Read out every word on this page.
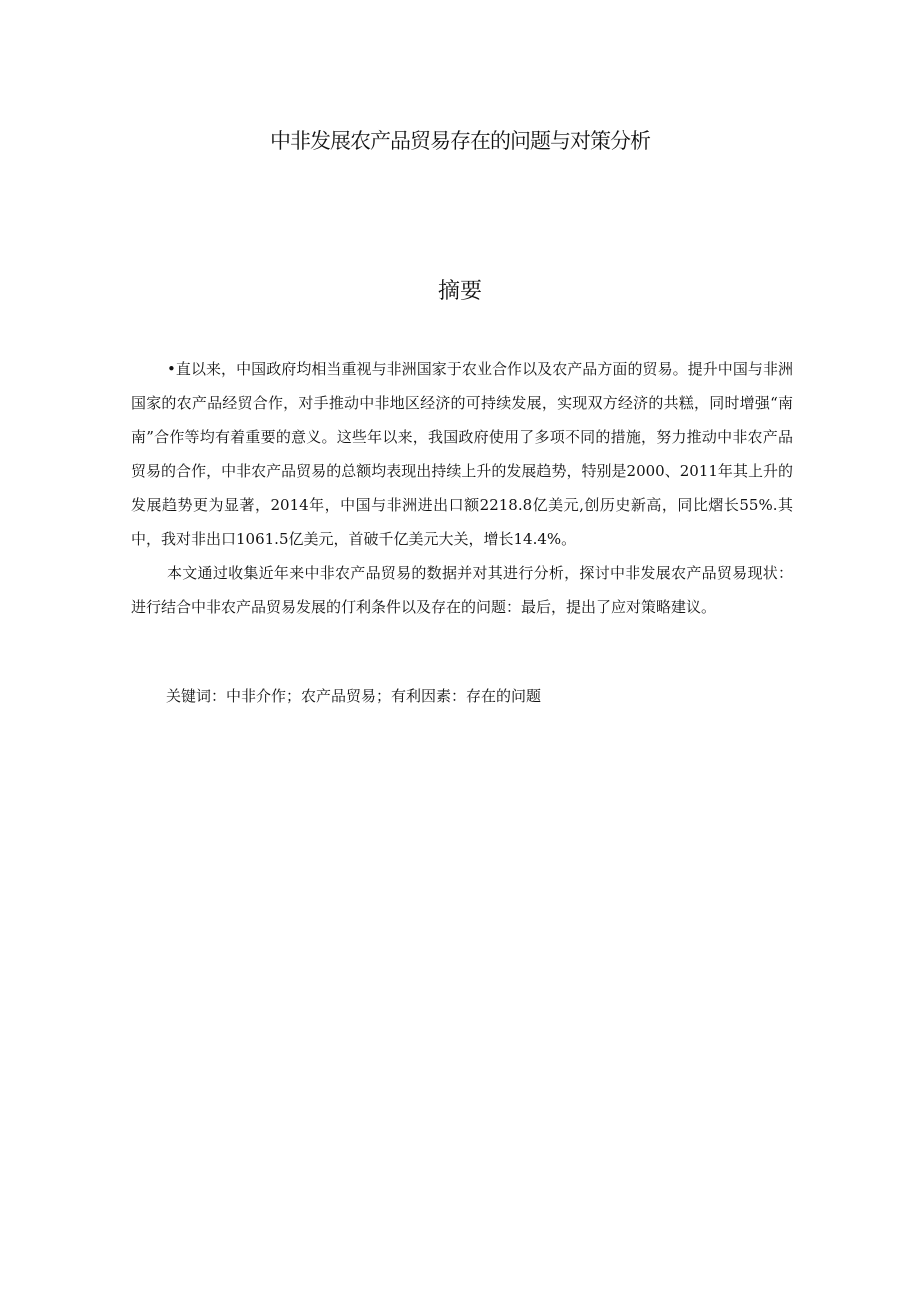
中非发展农产品贸易存在的问题与对策分析
摘要

•直以来，中国政府均相当重视与非洲国家于农业合作以及农产品方面的贸易。提升中国与非洲国家的农产品经贸合作，对手推动中非地区经济的可持续发展，实现双方经济的共糕，同时增强“南南”合作等均有着重要的意义。这些年以来，我国政府使用了多项不同的措施，努力推动中非农产品贸易的合作，中非农产品贸易的总额均表现出持续上升的发展趋势，特别是2000、2011年其上升的发展趋势更为显著，2014年，中国与非洲进出口额2218.8亿美元,创历史新高，同比熠长55%.其中，我对非出口1061.5亿美元，首破千亿美元大关，增长14.4%。

本文通过收集近年来中非农产品贸易的数据并对其进行分析，探讨中非发展农产品贸易现状：进行结合中非农产品贸易发展的仃利条件以及存在的问题：最后，提出了应对策略建议。

关键词：中非介作；农产品贸易；有利因素：存在的问题
